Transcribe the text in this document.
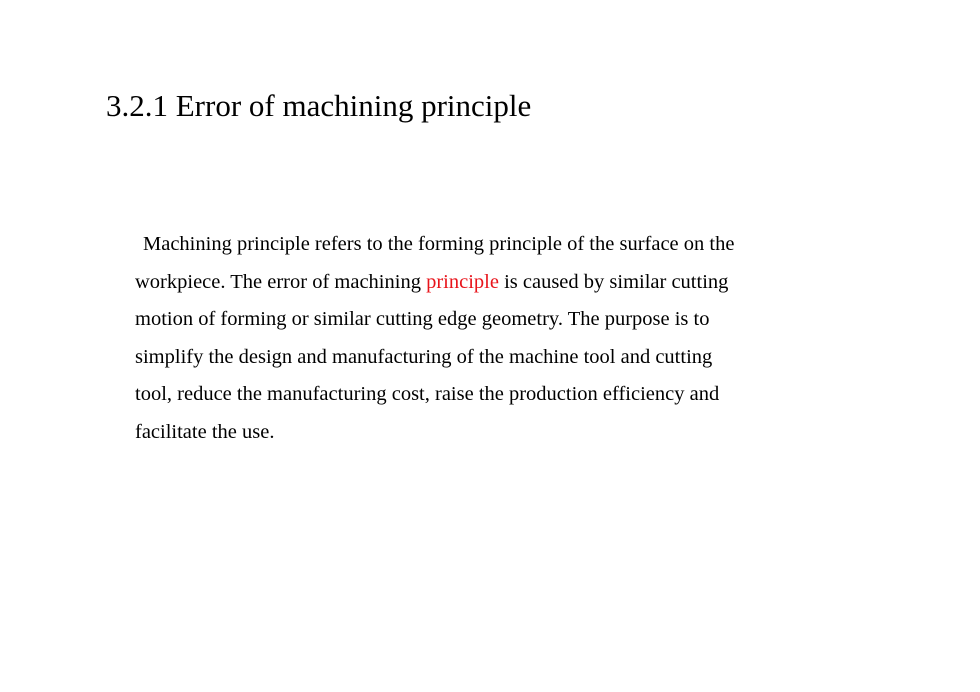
3.2.1 Error of machining principle
Machining principle refers to the forming principle of the surface on the
workpiece. The error of machining principle is caused by similar cutting
motion of forming or similar cutting edge geometry. The purpose is to
simplify the design and manufacturing of the machine tool and cutting
tool, reduce the manufacturing cost, raise the production efficiency and
facilitate the use.
